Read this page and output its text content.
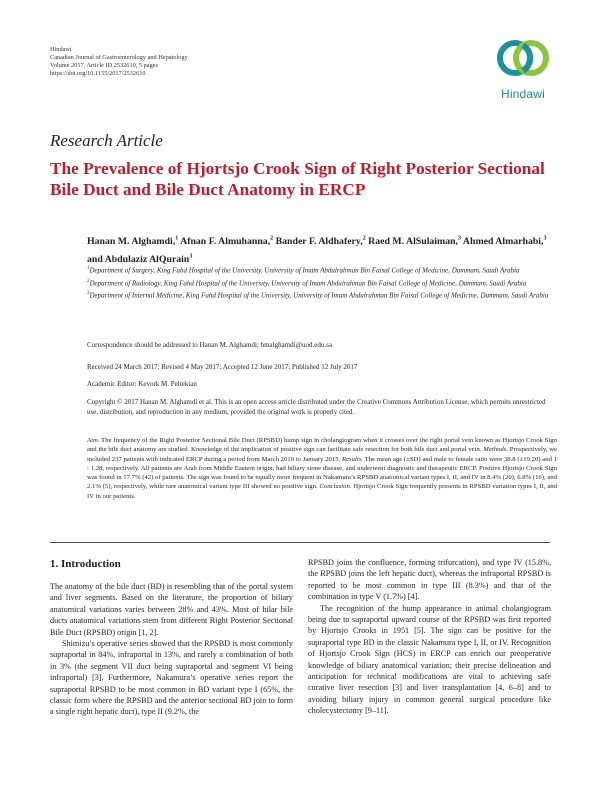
Hindawi
Canadian Journal of Gastroenterology and Hepatology
Volume 2017, Article ID 2532610, 5 pages
https://doi.org/10.1155/2017/2532610
Hindawi
Research Article
The Prevalence of Hjortsjo Crook Sign of Right Posterior Sectional Bile Duct and Bile Duct Anatomy in ERCP
Hanan M. Alghamdi,$^1$ Afnan F. Almuhanna,$^2$ Bander F. Aldhafery,$^2$ Raed M. AlSulaiman,$^3$ Ahmed Almarhabi,$^3$ and Abdulaziz AlQurain$^3$
$^1$Department of Surgery, King Fahd Hospital of the University, University of Imam Abdulrahman Bin Faisal College of Medicine, Dammam, Saudi Arabia
$^2$Department of Radiology, King Fahd Hospital of the University, University of Imam Abdulrahman Bin Faisal College of Medicine, Dammam, Saudi Arabia
$^3$Department of Internal Medicine, King Fahd Hospital of the University, University of Imam Abdulrahman Bin Faisal College of Medicine, Dammam, Saudi Arabia
Correspondence should be addressed to Hanan M. Alghamdi; hmalghamdi@uod.edu.sa
Received 24 March 2017; Revised 4 May 2017; Accepted 12 June 2017; Published 12 July 2017
Academic Editor: Kevork M. Peltekian
Copyright © 2017 Hanan M. Alghamdi et al. This is an open access article distributed under the Creative Commons Attribution License, which permits unrestricted use, distribution, and reproduction in any medium, provided the original work is properly cited.
Aim. The frequency of the Right Posterior Sectional Bile Duct (RPSBD) hump sign in cholangiogram when it crosses over the right portal vein known as Hjortsjo Crook Sign and the bile duct anatomy are studied. Knowledge of the implication of positive sign can facilitate safe resection for both bile duct and portal vein. Methods. Prospectively, we included 237 patients with indicated ERCP during a period from March 2010 to January 2015. Results. The mean age (±SD) and male to female ratio were 38.8 (±19.20) and 1 : 1.28, respectively. All patients are Arab from Middle Eastern origin, had biliary stone disease, and underwent diagnostic and therapeutic ERCP. Positive Hjortsjo Crook Sign was found in 17.7% (42) of patients. The sign was found to be equally more frequent in Nakamura’s RPSBD anatomical variant types I, II, and IV in 8.4% (20), 6.8% (16), and 2.1% (5), respectively, while rare anatomical variant type III showed no positive sign. Conclusion. Hjortsjo Crook Sign frequently presents in RPSBD variation types I, II, and IV in our patients.
1. Introduction

The anatomy of the bile duct (BD) is resembling that of the portal system and liver segments. Based on the literature, the proportion of biliary anatomical variations varies between 28% and 43%. Most of hilar bile ducts anatomical variations stem from different Right Posterior Sectional Bile Duct (RPSBD) origin [1, 2].

Shimizu’s operative series showed that the RPSBD is most commonly supraportal in 84%, infraportal in 13%, and rarely a combination of both in 3% (the segment VII duct being supraportal and segment VI being infraportal) [3]. Furthermore, Nakamura’s operative series report the supraportal RPSBD to be most common in BD variant type I (65%, the classic form where the RPSBD and the anterior sectional BD join to form a single right hepatic duct), type II (9.2%, the

RPSBD joins the confluence, forming trifurcation), and type IV (15.8%, the RPSBD joins the left hepatic duct), whereas the infraportal RPSBD is reported to be most common in type III (8.3%) and that of the combination in type V (1.7%) [4].

The recognition of the hump appearance in animal cholangiogram being due to supraportal upward course of the RPSBD was first reported by Hjortsjo Crooks in 1951 [5]. The sign can be positive for the supraportal type BD in the classic Nakamura type I, II, or IV. Recognition of Hjortsjo Crook Sign (HCS) in ERCP can enrich our preoperative knowledge of biliary anatomical variation; their precise delineation and anticipation for technical modifications are vital to achieving safe curative liver resection [3] and liver transplantation [4, 6–8] and to avoiding biliary injury in common general surgical procedure like cholecystectomy [9–11].
